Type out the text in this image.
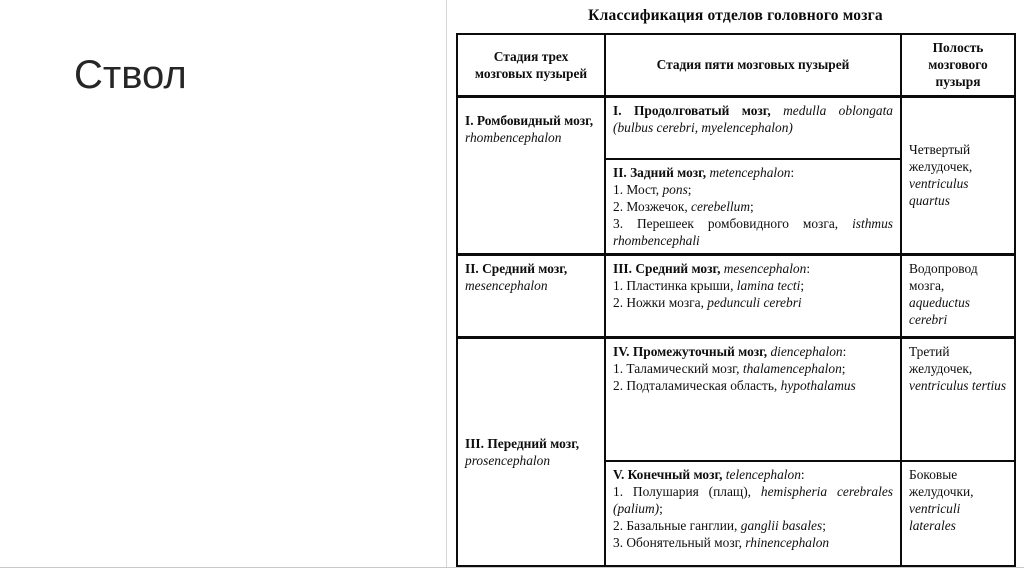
Ствол
Классификация отделов головного мозга
Стадия трех мозговых пузырей	Стадия пяти мозговых пузырей	Полость мозгового пузыря

I. Ромбовидный мозг, rhombencephalon	I. Продолговатый мозг, medulla oblongata (bulbus cerebri, myelencephalon)	Четвертый желудочек, ventriculus quartus

	II. Задний мозг, metencephalon:
1. Мост, pons;
2. Мозжечок, cerebellum;
3. Перешеек ромбовидного мозга, isthmus rhombencephali	

II. Средний мозг, mesencephalon	III. Средний мозг, mesencephalon:
1. Пластинка крыши, lamina tecti;
2. Ножки мозга, pedunculi cerebri	Водопровод мозга, aqueductus cerebri

III. Передний мозг, prosencephalon	IV. Промежуточный мозг, diencephalon:
1. Таламический мозг, thalamencephalon;
2. Подталамическая область, hypothalamus	Третий желудочек, ventriculus tertius

	V. Конечный мозг, telencephalon:
1. Полушария (плащ), hemispheria cerebrales (palium);
2. Базальные ганглии, ganglii basales;
3. Обонятельный мозг, rhinencephalon	Боковые желудочки, ventriculi laterales
